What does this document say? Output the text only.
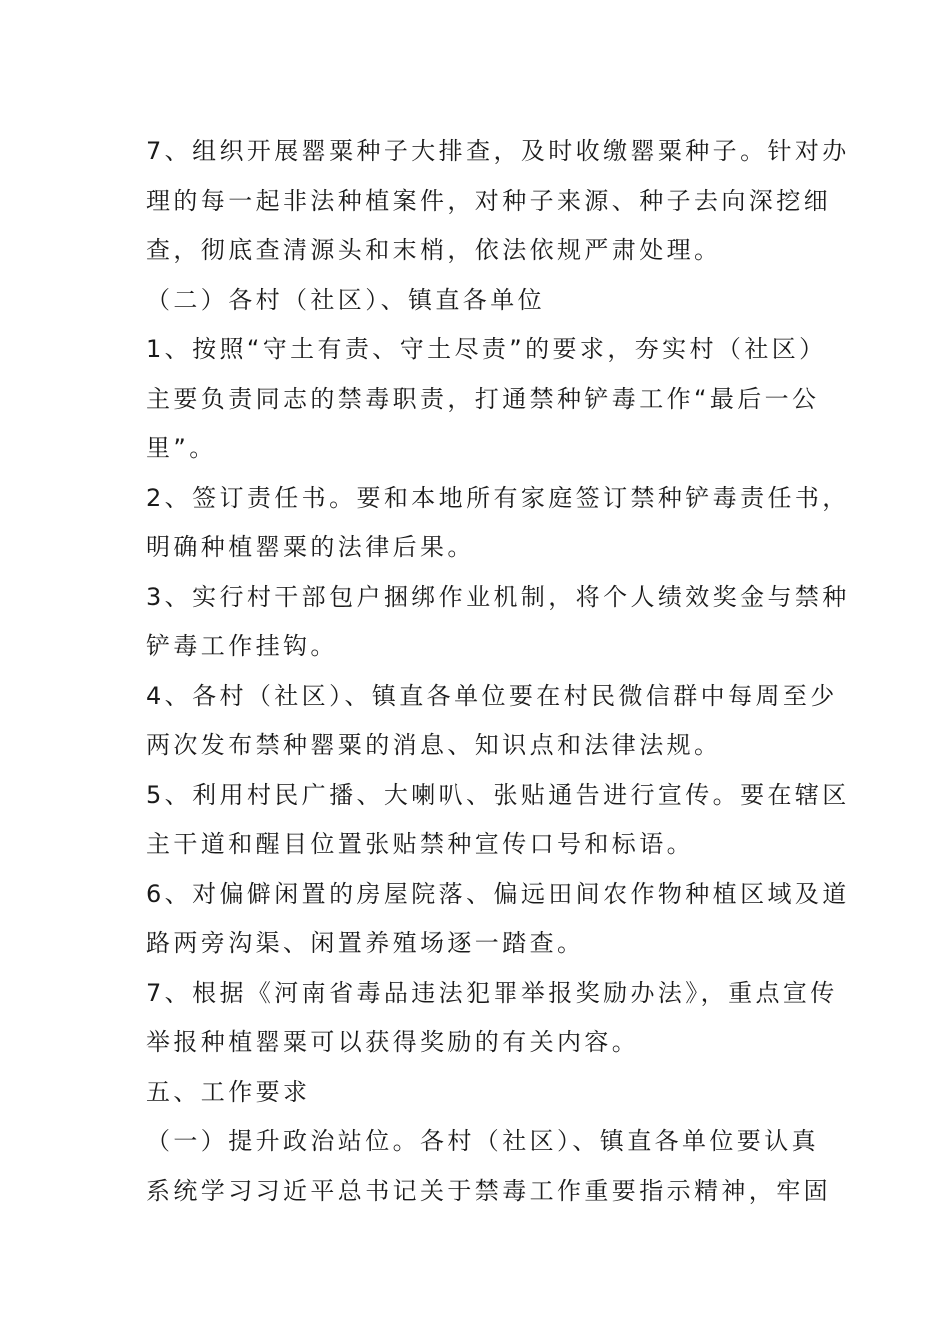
7、组织开展罂粟种子大排查，及时收缴罂粟种子。针对办
理的每一起非法种植案件，对种子来源、种子去向深挖细
查，彻底查清源头和末梢，依法依规严肃处理。

（二）各村（社区）、镇直各单位

1、按照“守土有责、守土尽责”的要求，夯实村（社区）
主要负责同志的禁毒职责，打通禁种铲毒工作“最后一公
里”。

2、签订责任书。要和本地所有家庭签订禁种铲毒责任书，
明确种植罂粟的法律后果。

3、实行村干部包户捆绑作业机制，将个人绩效奖金与禁种
铲毒工作挂钩。

4、各村（社区）、镇直各单位要在村民微信群中每周至少
两次发布禁种罂粟的消息、知识点和法律法规。

5、利用村民广播、大喇叭、张贴通告进行宣传。要在辖区
主干道和醒目位置张贴禁种宣传口号和标语。

6、对偏僻闲置的房屋院落、偏远田间农作物种植区域及道
路两旁沟渠、闲置养殖场逐一踏查。

7、根据《河南省毒品违法犯罪举报奖励办法》，重点宣传
举报种植罂粟可以获得奖励的有关内容。

五、工作要求

（一）提升政治站位。各村（社区）、镇直各单位要认真
系统学习习近平总书记关于禁毒工作重要指示精神，牢固
